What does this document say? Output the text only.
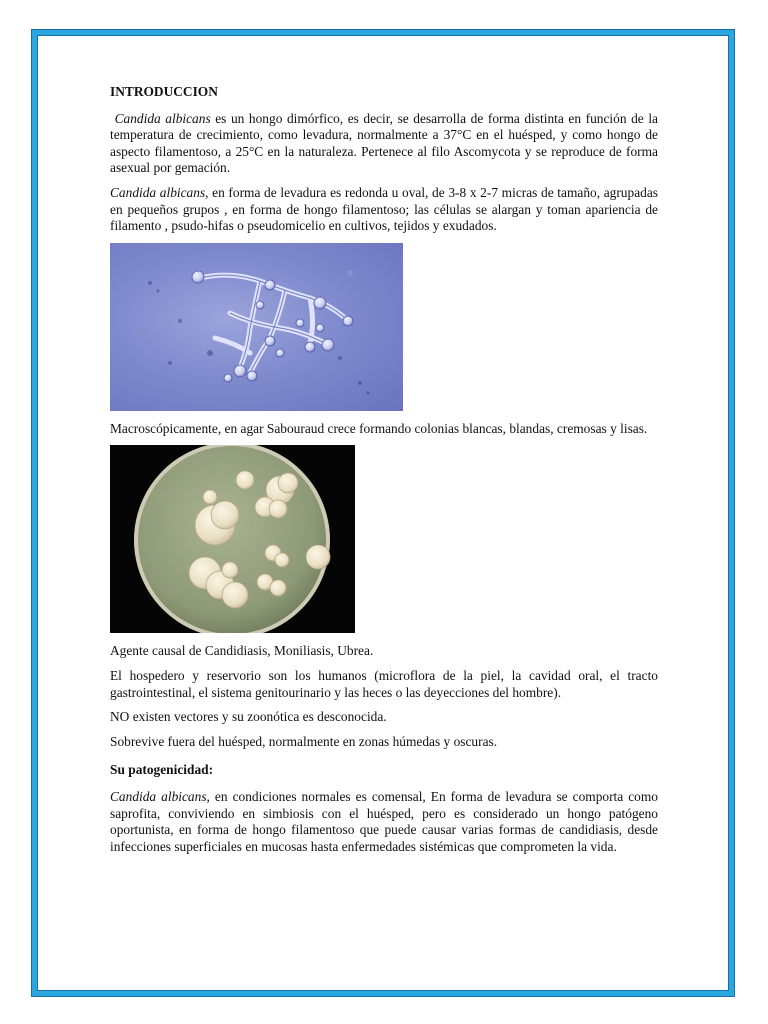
INTRODUCCION

Candida albicans es un hongo dimórfico, es decir, se desarrolla de forma distinta en función de la temperatura de crecimiento, como levadura, normalmente a 37°C en el huésped, y como hongo de aspecto filamentoso, a 25°C en la naturaleza. Pertenece al filo Ascomycota y se reproduce de forma asexual por gemación.

Candida albicans, en forma de levadura es redonda u oval, de 3-8 x 2-7 micras de tamaño, agrupadas en pequeños grupos , en forma de hongo filamentoso; las células se alargan y toman apariencia de filamento , psudo-hifas o pseudomicelio en cultivos, tejidos y exudados.

Macroscópicamente, en agar Sabouraud crece formando colonias blancas, blandas, cremosas y lisas.

Agente causal de Candidiasis, Moniliasis, Ubrea.

El hospedero y reservorio son los humanos (microflora de la piel, la cavidad oral, el tracto gastrointestinal, el sistema genitourinario y las heces o las deyecciones del hombre).

NO existen vectores y su zoonótica es desconocida.

Sobrevive fuera del huésped, normalmente en zonas húmedas y oscuras.

Su patogenicidad:

Candida albicans, en condiciones normales es comensal, En forma de levadura se comporta como saprofita, conviviendo en simbiosis con el huésped, pero es considerado un hongo patógeno oportunista, en forma de hongo filamentoso que puede causar varias formas de candidiasis, desde infecciones superficiales en mucosas hasta enfermedades sistémicas que comprometen la vida.
